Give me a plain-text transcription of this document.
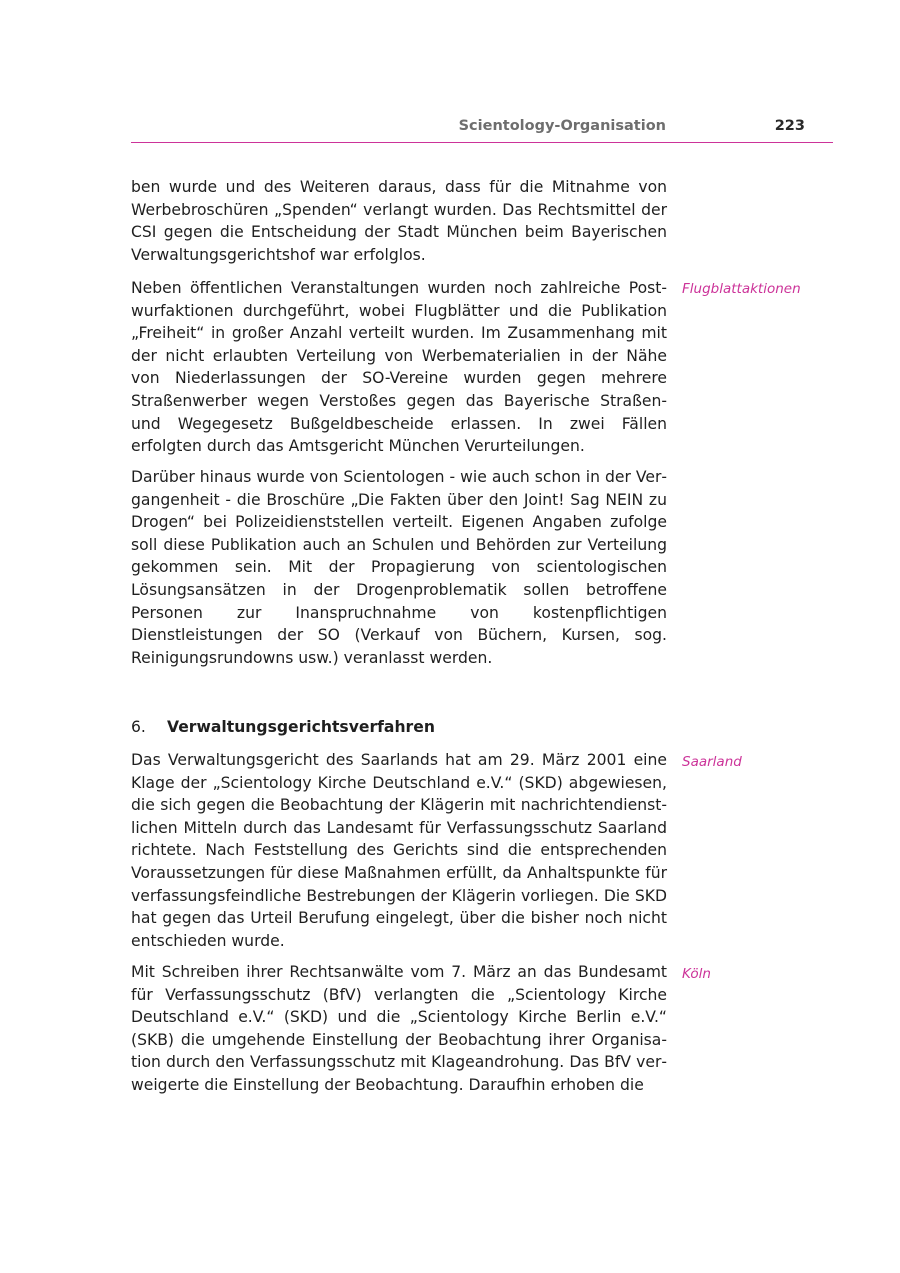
Scientology-Organisation	223

ben wurde und des Weiteren daraus, dass für die Mitnahme von Werbebroschüren „Spenden“ verlangt wurden. Das Rechtsmittel der CSI gegen die Entscheidung der Stadt München beim Bayerischen Verwaltungsgerichtshof war erfolglos.

Neben öffentlichen Veranstaltungen wurden noch zahlreiche Postwurfaktionen durchgeführt, wobei Flugblätter und die Publikation „Freiheit“ in großer Anzahl verteilt wurden. Im Zusammenhang mit der nicht erlaubten Verteilung von Werbematerialien in der Nähe von Niederlassungen der SO-Vereine wurden gegen mehrere Straßenwerber wegen Verstoßes gegen das Bayerische Straßen- und Wegegesetz Bußgeldbescheide erlassen. In zwei Fällen erfolgten durch das Amtsgericht München Verurteilungen.

Flugblattaktionen

Darüber hinaus wurde von Scientologen - wie auch schon in der Vergangenheit - die Broschüre „Die Fakten über den Joint! Sag NEIN zu Drogen“ bei Polizeidienststellen verteilt. Eigenen Angaben zufolge soll diese Publikation auch an Schulen und Behörden zur Verteilung gekommen sein. Mit der Propagierung von scientologischen Lösungsansätzen in der Drogenproblematik sollen betroffene Personen zur Inanspruchnahme von kostenpflichtigen Dienstleistungen der SO (Verkauf von Büchern, Kursen, sog. Reinigungsrundowns usw.) veranlasst werden.

6. Verwaltungsgerichtsverfahren

Das Verwaltungsgericht des Saarlands hat am 29. März 2001 eine Klage der „Scientology Kirche Deutschland e.V.“ (SKD) abgewiesen, die sich gegen die Beobachtung der Klägerin mit nachrichtendienstlichen Mitteln durch das Landesamt für Verfassungsschutz Saarland richtete. Nach Feststellung des Gerichts sind die entsprechenden Voraussetzungen für diese Maßnahmen erfüllt, da Anhaltspunkte für verfassungsfeindliche Bestrebungen der Klägerin vorliegen. Die SKD hat gegen das Urteil Berufung eingelegt, über die bisher noch nicht entschieden wurde.

Saarland

Mit Schreiben ihrer Rechtsanwälte vom 7. März an das Bundesamt für Verfassungsschutz (BfV) verlangten die „Scientology Kirche Deutschland e.V.“ (SKD) und die „Scientology Kirche Berlin e.V.“ (SKB) die umgehende Einstellung der Beobachtung ihrer Organisation durch den Verfassungsschutz mit Klageandrohung. Das BfV verweigerte die Einstellung der Beobachtung. Daraufhin erhoben die

Köln
